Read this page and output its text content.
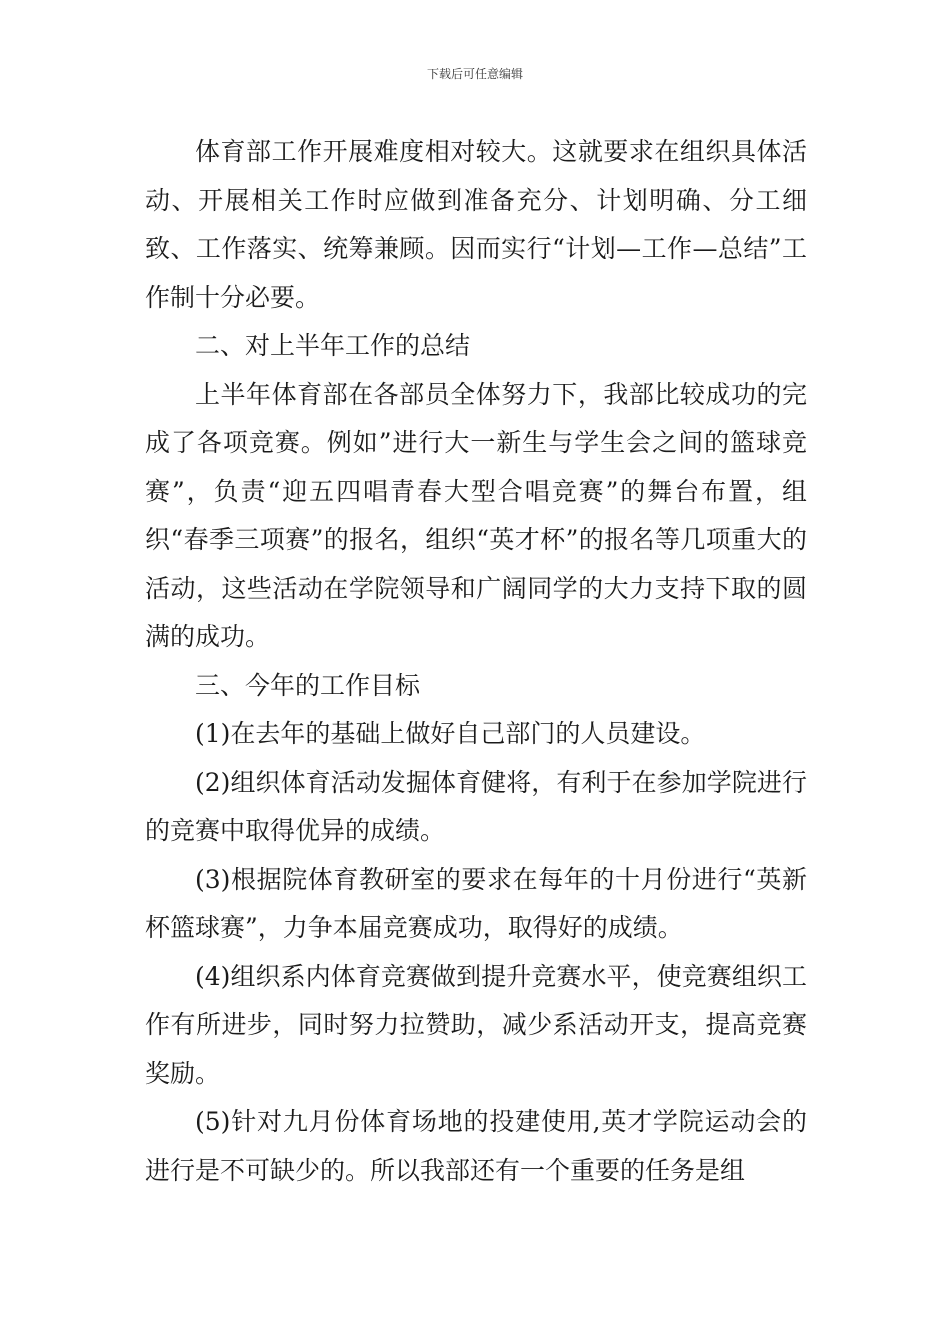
下载后可任意编辑

体育部工作开展难度相对较大。这就要求在组织具体活动、开展相关工作时应做到准备充分、计划明确、分工细致、工作落实、统筹兼顾。因而实行“计划—工作—总结”工作制十分必要。

二、对上半年工作的总结

上半年体育部在各部员全体努力下，我部比较成功的完成了各项竞赛。例如”进行大一新生与学生会之间的篮球竞赛”，负责“迎五四唱青春大型合唱竞赛”的舞台布置，组织“春季三项赛”的报名，组织“英才杯”的报名等几项重大的活动，这些活动在学院领导和广阔同学的大力支持下取的圆满的成功。

三、今年的工作目标

(1)在去年的基础上做好自己部门的人员建设。

(2)组织体育活动发掘体育健将，有利于在参加学院进行的竞赛中取得优异的成绩。

(3)根据院体育教研室的要求在每年的十月份进行“英新杯篮球赛”，力争本届竞赛成功，取得好的成绩。

(4)组织系内体育竞赛做到提升竞赛水平，使竞赛组织工作有所进步，同时努力拉赞助，减少系活动开支，提高竞赛奖励。

(5)针对九月份体育场地的投建使用,英才学院运动会的进行是不可缺少的。所以我部还有一个重要的任务是组
